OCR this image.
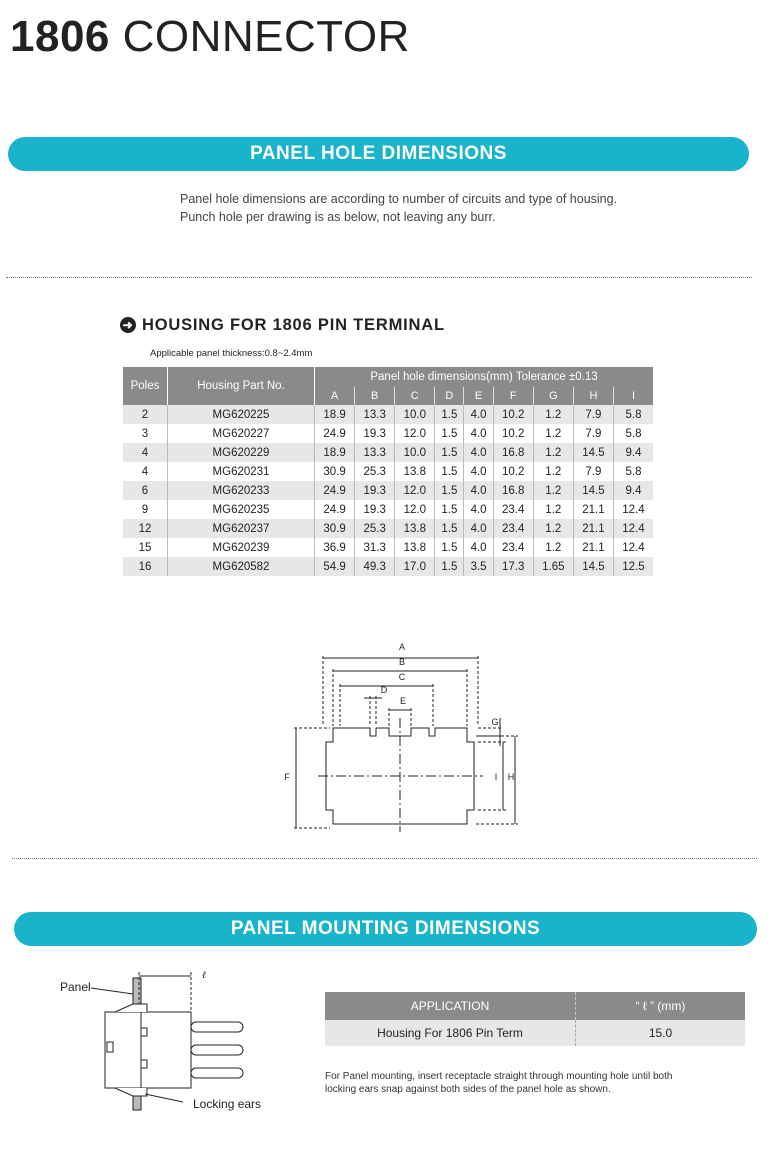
1806 CONNECTOR
PANEL HOLE DIMENSIONS
Panel hole dimensions are according to number of circuits and type of housing.
Punch hole per drawing is as below, not leaving any burr.
➜ HOUSING FOR 1806 PIN TERMINAL
Applicable panel thickness:0.8~2.4mm
Poles	Housing Part No.	Panel hole dimensions(mm) Tolerance ±0.13								
		A	B	C	D	E	F	G	H	I
2	MG620225	18.9	13.3	10.0	1.5	4.0	10.2	1.2	7.9	5.8
3	MG620227	24.9	19.3	12.0	1.5	4.0	10.2	1.2	7.9	5.8
4	MG620229	18.9	13.3	10.0	1.5	4.0	16.8	1.2	14.5	9.4
4	MG620231	30.9	25.3	13.8	1.5	4.0	10.2	1.2	7.9	5.8
6	MG620233	24.9	19.3	12.0	1.5	4.0	16.8	1.2	14.5	9.4
9	MG620235	24.9	19.3	12.0	1.5	4.0	23.4	1.2	21.1	12.4
12	MG620237	30.9	25.3	13.8	1.5	4.0	23.4	1.2	21.1	12.4
15	MG620239	36.9	31.3	13.8	1.5	4.0	23.4	1.2	21.1	12.4
16	MG620582	54.9	49.3	17.0	1.5	3.5	17.3	1.65	14.5	12.5
A
B
C
D
E
F
G
H
I
PANEL MOUNTING DIMENSIONS
ℓ
Panel
Locking ears
APPLICATION	“ ℓ ” (mm)
Housing For 1806 Pin Term	15.0
For Panel mounting, insert receptacle straight through mounting hole until both
locking ears snap against both sides of the panel hole as shown.
